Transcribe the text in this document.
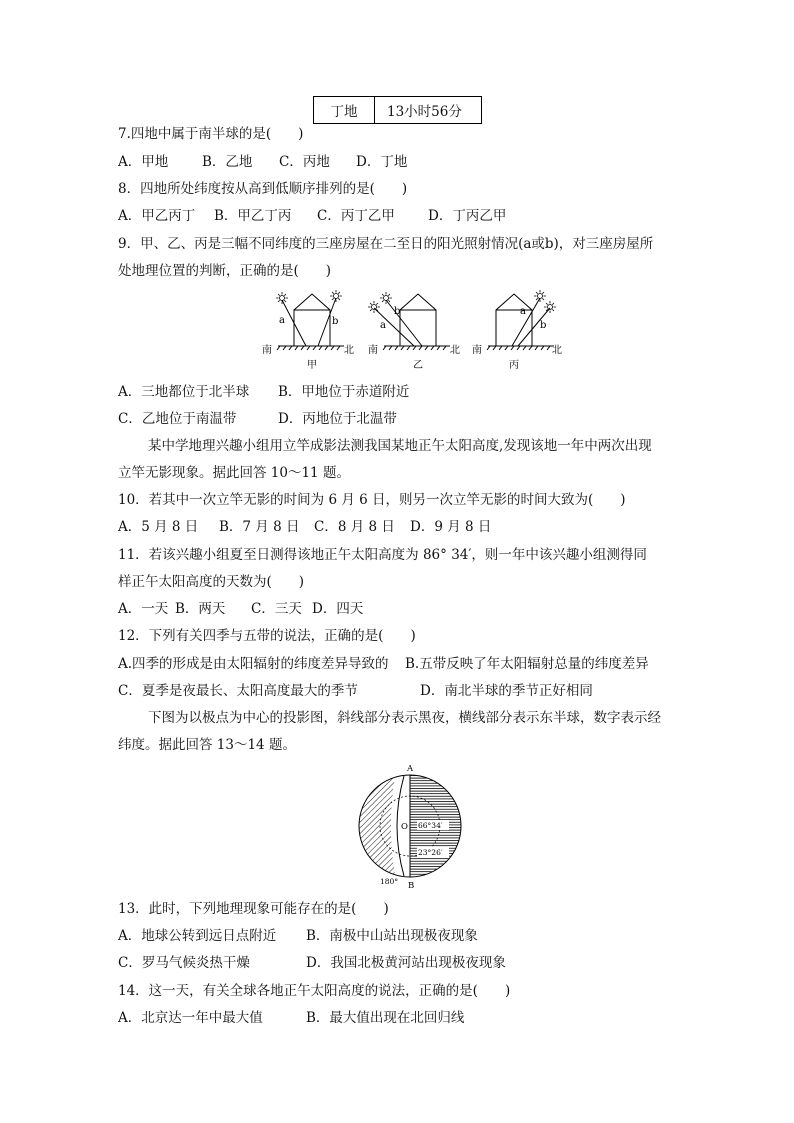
丁地	13小时56分
7.四地中属于南半球的是(　　)
A．甲地	B．乙地 C．丙地 D．丁地
8．四地所处纬度按从高到低顺序排列的是(　　)
A．甲乙丙丁 B．甲乙丁丙 C．丙丁乙甲 D．丁丙乙甲
9．甲、乙、丙是三幅不同纬度的三座房屋在二至日的阳光照射情况(a或b)，对三座房屋所
处地理位置的判断，正确的是(　　)
a	b	a
b	a
b
南	北 南	北 南	北
甲	乙	丙
A．三地都位于北半球 B．甲地位于赤道附近
C．乙地位于南温带	D．丙地位于北温带
某中学地理兴趣小组用立竿成影法测我国某地正午太阳高度,发现该地一年中两次出现
立竿无影现象。据此回答 10～11 题。
10．若其中一次立竿无影的时间为 6 月 6 日，则另一次立竿无影的时间大致为(　　)
A．5 月 8 日 B．7 月 8 日 C．8 月 8 日 D．9 月 8 日
11．若该兴趣小组夏至日测得该地正午太阳高度为 86° 34′，则一年中该兴趣小组测得同
样正午太阳高度的天数为(　　)
A．一天 B．两天 C．三天 D．四天
12．下列有关四季与五带的说法，正确的是(　　)
A.四季的形成是由太阳辐射的纬度差异导致的 B.五带反映了年太阳辐射总量的纬度差异
C．夏季是夜最长、太阳高度最大的季节	D．南北半球的季节正好相同
下图为以极点为中心的投影图，斜线部分表示黑夜，横线部分表示东半球，数字表示经
纬度。据此回答 13～14 题。
A
B
O 66°34′
23°26′
180°
13．此时，下列地理现象可能存在的是(　　)
A．地球公转到远日点附近 B．南极中山站出现极夜现象
C．罗马气候炎热干燥	D．我国北极黄河站出现极夜现象
14．这一天，有关全球各地正午太阳高度的说法，正确的是(　　)
A．北京达一年中最大值	B．最大值出现在北回归线
